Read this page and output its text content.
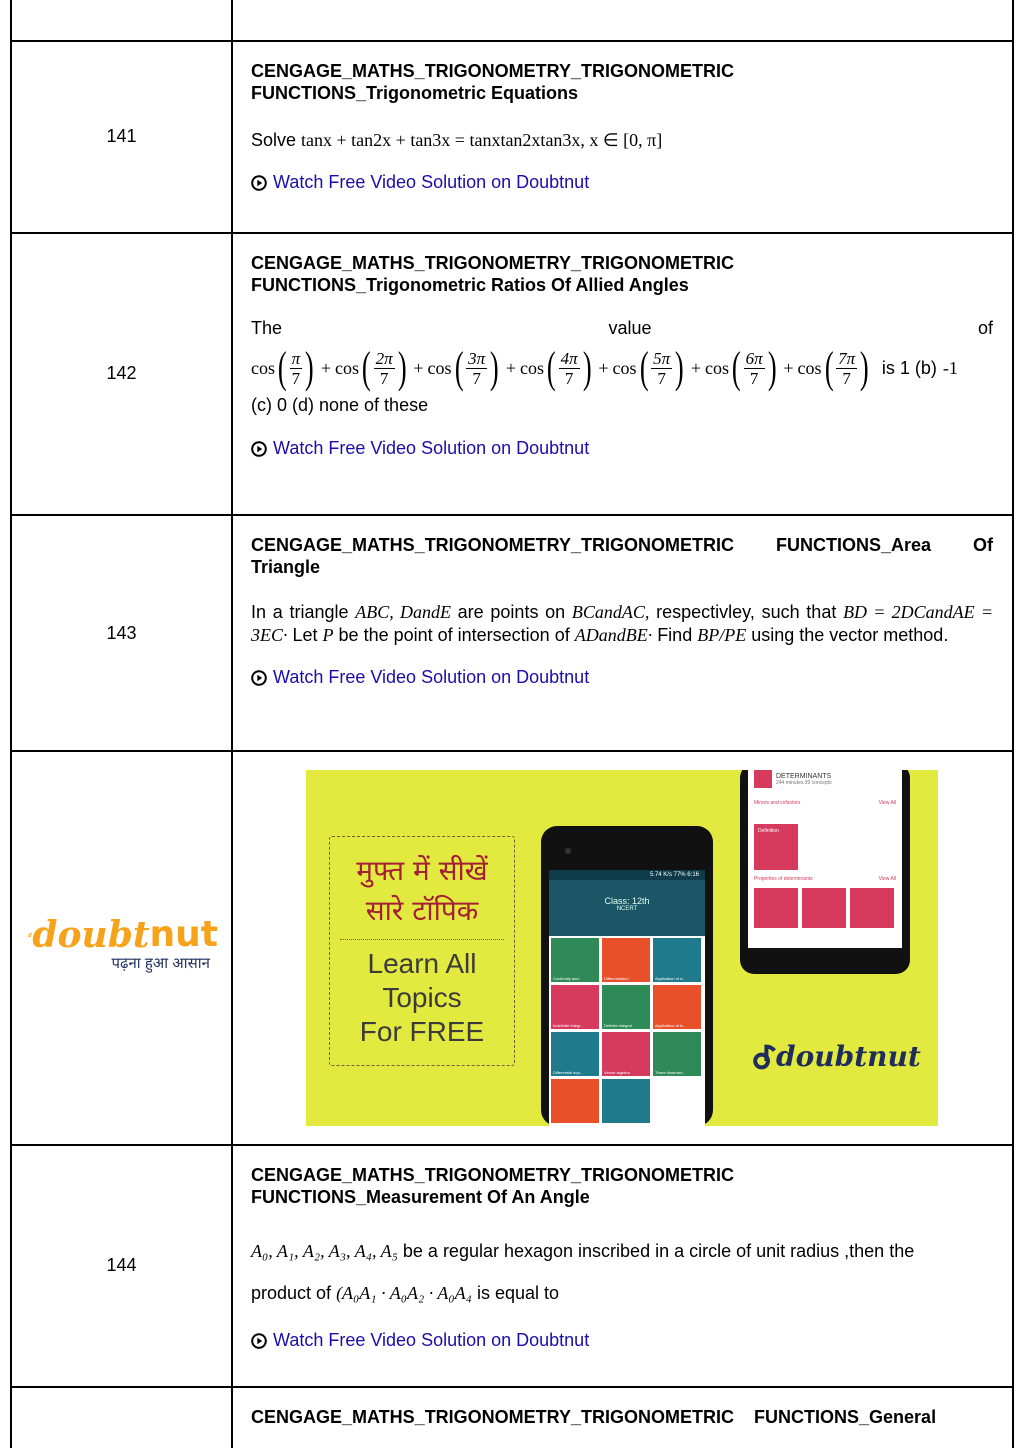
141

CENGAGE_MATHS_TRIGONOMETRY_TRIGONOMETRIC
FUNCTIONS_Trigonometric Equations

Solve tanx + tan2x + tan3x = tanxtan2xtan3x, x ∈ [0, π]
Watch Free Video Solution on Doubtnut
142

CENGAGE_MATHS_TRIGONOMETRY_TRIGONOMETRIC
FUNCTIONS_Trigonometric Ratios Of Allied Angles

The	value	of
cos ( $\frac{\pi}{7}$ ) + cos ( $\frac{2\pi}{7}$ ) + cos ( $\frac{3\pi}{7}$ ) + cos ( $\frac{4\pi}{7}$ ) + cos ( $\frac{5\pi}{7}$ ) + cos ( $\frac{6\pi}{7}$ ) + cos ( $\frac{7\pi}{7}$ ) is 1 (b) -1
(c) 0 (d) none of these
Watch Free Video Solution on Doubtnut
143

CENGAGE_MATHS_TRIGONOMETRY_TRIGONOMETRIC FUNCTIONS_Area Of
Triangle

In a triangle ABC, DandE are points on BCandAC, respectivley, such that BD = 2DCandAE = 3EC· Let P be the point of intersection of ADandBE· Find BP/PE using the vector method.
Watch Free Video Solution on Doubtnut
doubt nut
पढ़ना हुआ आसान
मुफ्त में सीखें
सारे टॉपिक
Learn All
Topics
For FREE
5.74 K/s 77% 6:16
Class: 12th
NCERT
Continuity and..	Differentiation	Application of d..
Indefinite Integr..	Definite integral	Application of in..
Differential equ..	Vector algebra	Three dimensio..
DETERMINANTS
244 minutes 39 concepts
Minors and cofactors	View All
Definition
Properties of determinants	View All
doubtnut
144

CENGAGE_MATHS_TRIGONOMETRY_TRIGONOMETRIC
FUNCTIONS_Measurement Of An Angle

A₀, A₁, A₂, A₃, A₄, A₅ be a regular hexagon inscribed in a circle of unit radius ,then the
product of (A₀A₁ · A₀A₂ · A₀A₄ is equal to
Watch Free Video Solution on Doubtnut

CENGAGE_MATHS_TRIGONOMETRY_TRIGONOMETRIC    FUNCTIONS_General
